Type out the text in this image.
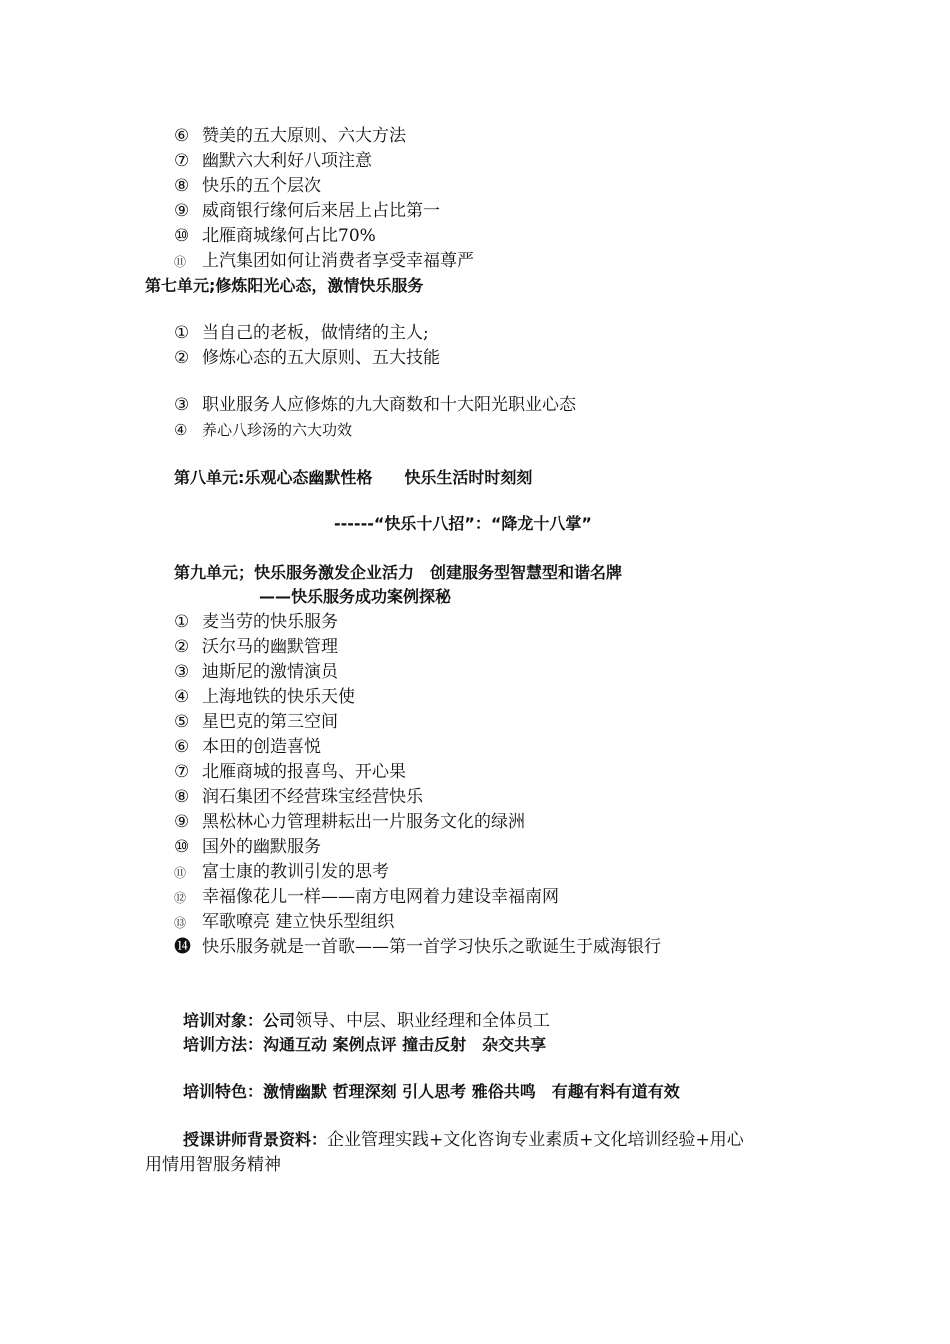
⑥ 赞美的五大原则、六大方法
⑦ 幽默六大利好八项注意
⑧ 快乐的五个层次
⑨ 威商银行缘何后来居上占比第一
⑩ 北雁商城缘何占比70%
⑪ 上汽集团如何让消费者享受幸福尊严
第七单元;修炼阳光心态，激情快乐服务
① 当自己的老板，做情绪的主人;
② 修炼心态的五大原则、五大技能
③ 职业服务人应修炼的九大商数和十大阳光职业心态
④ 养心八珍汤的六大功效
第八单元:乐观心态幽默性格　　快乐生活时时刻刻
------“快乐十八招”：“降龙十八掌”
第九单元；快乐服务激发企业活力　创建服务型智慧型和谐名牌
——快乐服务成功案例探秘
① 麦当劳的快乐服务
② 沃尔马的幽默管理
③ 迪斯尼的激情演员
④ 上海地铁的快乐天使
⑤ 星巴克的第三空间
⑥ 本田的创造喜悦
⑦ 北雁商城的报喜鸟、开心果
⑧ 润石集团不经营珠宝经营快乐
⑨ 黑松林心力管理耕耘出一片服务文化的绿洲
⑩ 国外的幽默服务
⑪ 富士康的教训引发的思考
⑫ 幸福像花儿一样——南方电网着力建设幸福南网
⑬ 军歌嘹亮 建立快乐型组织
⓮ 快乐服务就是一首歌——第一首学习快乐之歌诞生于威海银行
培训对象：公司领导、中层、职业经理和全体员工
培训方法：沟通互动 案例点评 撞击反射　杂交共享
培训特色：激情幽默 哲理深刻 引人思考 雅俗共鸣　有趣有料有道有效
授课讲师背景资料：企业管理实践+文化咨询专业素质+文化培训经验+用心
用情用智服务精神
